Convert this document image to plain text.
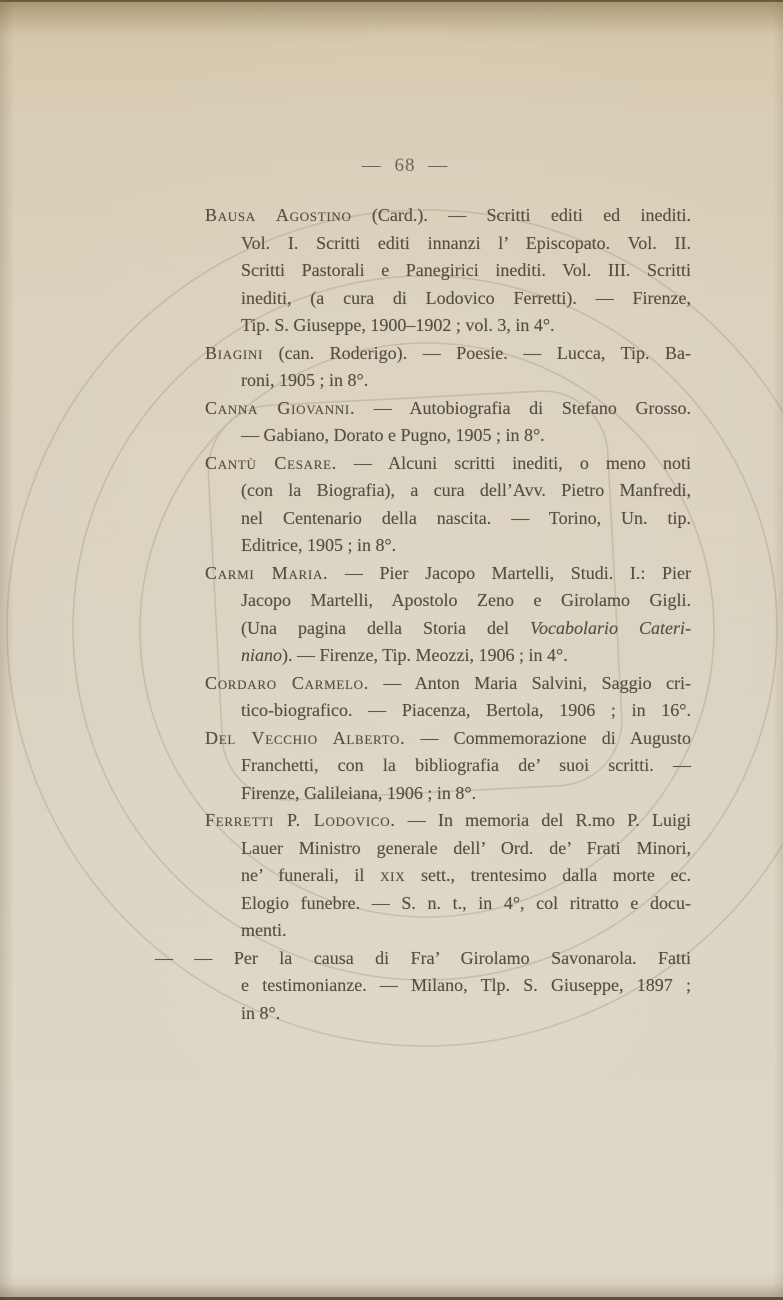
— 68 —
Bausa Agostino (Card.). — Scritti editi ed inediti.
Vol. I. Scritti editi innanzi l’ Episcopato. Vol. II.
Scritti Pastorali e Panegirici inediti. Vol. III. Scritti
inediti, (a cura di Lodovico Ferretti). — Firenze,
Tip. S. Giuseppe, 1900–1902 ; vol. 3, in 4°.
Biagini (can. Roderigo). — Poesie. — Lucca, Tip. Ba-
roni, 1905 ; in 8°.
Canna Giovanni. — Autobiografia di Stefano Grosso.
— Gabiano, Dorato e Pugno, 1905 ; in 8°.
Cantù Cesare. — Alcuni scritti inediti, o meno noti
(con la Biografia), a cura dell’Avv. Pietro Manfredi,
nel Centenario della nascita. — Torino, Un. tip.
Editrice, 1905 ; in 8°.
Carmi Maria. — Pier Jacopo Martelli, Studi. I.: Pier
Jacopo Martelli, Apostolo Zeno e Girolamo Gigli.
(Una pagina della Storia del Vocabolario Cateri-
niano). — Firenze, Tip. Meozzi, 1906 ; in 4°.
Cordaro Carmelo. — Anton Maria Salvini, Saggio cri-
tico-biografico. — Piacenza, Bertola, 1906 ; in 16°.
Del Vecchio Alberto. — Commemorazione di Augusto
Franchetti, con la bibliografia de’ suoi scritti. —
Firenze, Galileiana, 1906 ; in 8°.
Ferretti P. Lodovico. — In memoria del R.mo P. Luigi
Lauer Ministro generale dell’ Ord. de’ Frati Minori,
ne’ funerali, il xix sett., trentesimo dalla morte ec.
Elogio funebre. — S. n. t., in 4°, col ritratto e docu-
menti.
— — Per la causa di Fra’ Girolamo Savonarola. Fatti
e testimonianze. — Milano, Tlp. S. Giuseppe, 1897 ;
in 8°.
